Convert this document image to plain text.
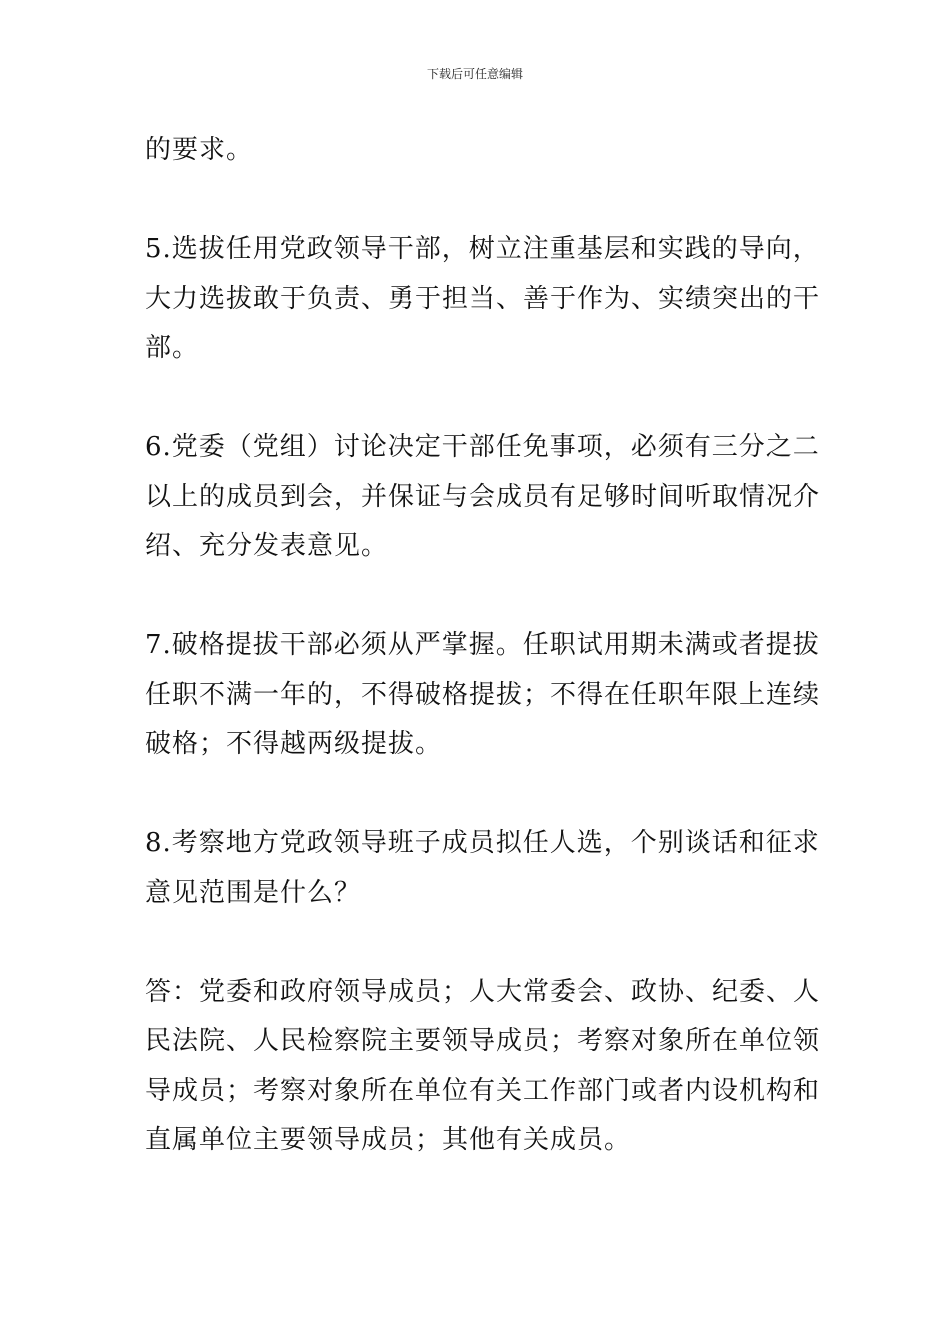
下载后可任意编辑

的要求。

5.选拔任用党政领导干部，树立注重基层和实践的导向，
大力选拔敢于负责、勇于担当、善于作为、实绩突出的干
部。

6.党委（党组）讨论决定干部任免事项，必须有三分之二
以上的成员到会，并保证与会成员有足够时间听取情况介
绍、充分发表意见。

7.破格提拔干部必须从严掌握。任职试用期未满或者提拔
任职不满一年的，不得破格提拔；不得在任职年限上连续
破格；不得越两级提拔。

8.考察地方党政领导班子成员拟任人选，个别谈话和征求
意见范围是什么？

答：党委和政府领导成员；人大常委会、政协、纪委、人
民法院、人民检察院主要领导成员；考察对象所在单位领
导成员；考察对象所在单位有关工作部门或者内设机构和
直属单位主要领导成员；其他有关成员。
